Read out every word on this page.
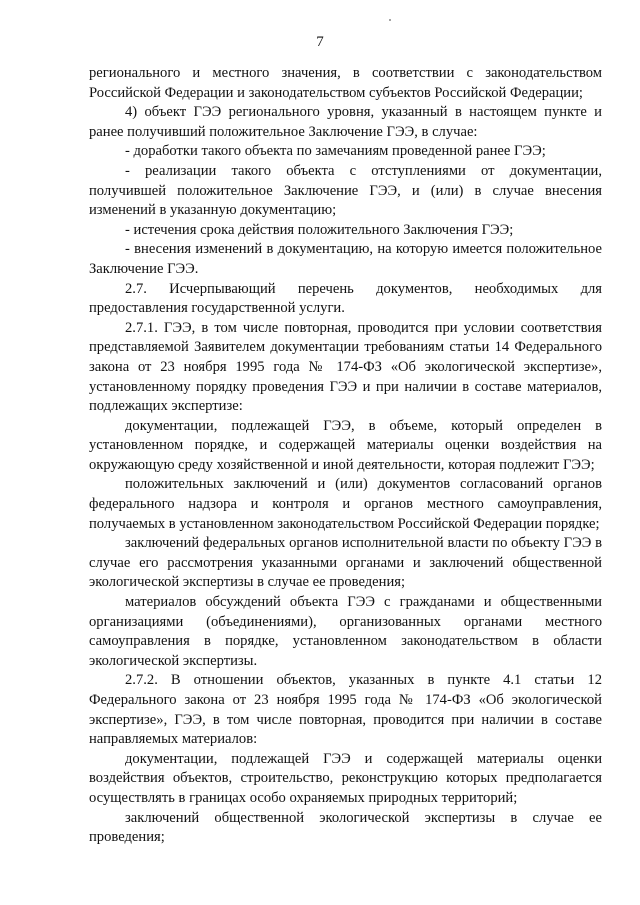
7

регионального и местного значения, в соответствии с законодательством Российской Федерации и законодательством субъектов Российской Федерации;

4) объект ГЭЭ регионального уровня, указанный в настоящем пункте и ранее получивший положительное Заключение ГЭЭ, в случае:

- доработки такого объекта по замечаниям проведенной ранее ГЭЭ;

- реализации такого объекта с отступлениями от документации, получившей положительное Заключение ГЭЭ, и (или) в случае внесения изменений в указанную документацию;

- истечения срока действия положительного Заключения ГЭЭ;

- внесения изменений в документацию, на которую имеется положительное Заключение ГЭЭ.

2.7. Исчерпывающий перечень документов, необходимых для предоставления государственной услуги.

2.7.1. ГЭЭ, в том числе повторная, проводится при условии соответствия представляемой Заявителем документации требованиям статьи 14 Федерального закона от 23 ноября 1995 года № 174-ФЗ «Об экологической экспертизе», установленному порядку проведения ГЭЭ и при наличии в составе материалов, подлежащих экспертизе:

документации, подлежащей ГЭЭ, в объеме, который определен в установленном порядке, и содержащей материалы оценки воздействия на окружающую среду хозяйственной и иной деятельности, которая подлежит ГЭЭ;

положительных заключений и (или) документов согласований органов федерального надзора и контроля и органов местного самоуправления, получаемых в установленном законодательством Российской Федерации порядке;

заключений федеральных органов исполнительной власти по объекту ГЭЭ в случае его рассмотрения указанными органами и заключений общественной экологической экспертизы в случае ее проведения;

материалов обсуждений объекта ГЭЭ с гражданами и общественными организациями (объединениями), организованных органами местного самоуправления в порядке, установленном законодательством в области экологической экспертизы.

2.7.2. В отношении объектов, указанных в пункте 4.1 статьи 12 Федерального закона от 23 ноября 1995 года № 174-ФЗ «Об экологической экспертизе», ГЭЭ, в том числе повторная, проводится при наличии в составе направляемых материалов:

документации, подлежащей ГЭЭ и содержащей материалы оценки воздействия объектов, строительство, реконструкцию которых предполагается осуществлять в границах особо охраняемых природных территорий;

заключений общественной экологической экспертизы в случае ее проведения;
